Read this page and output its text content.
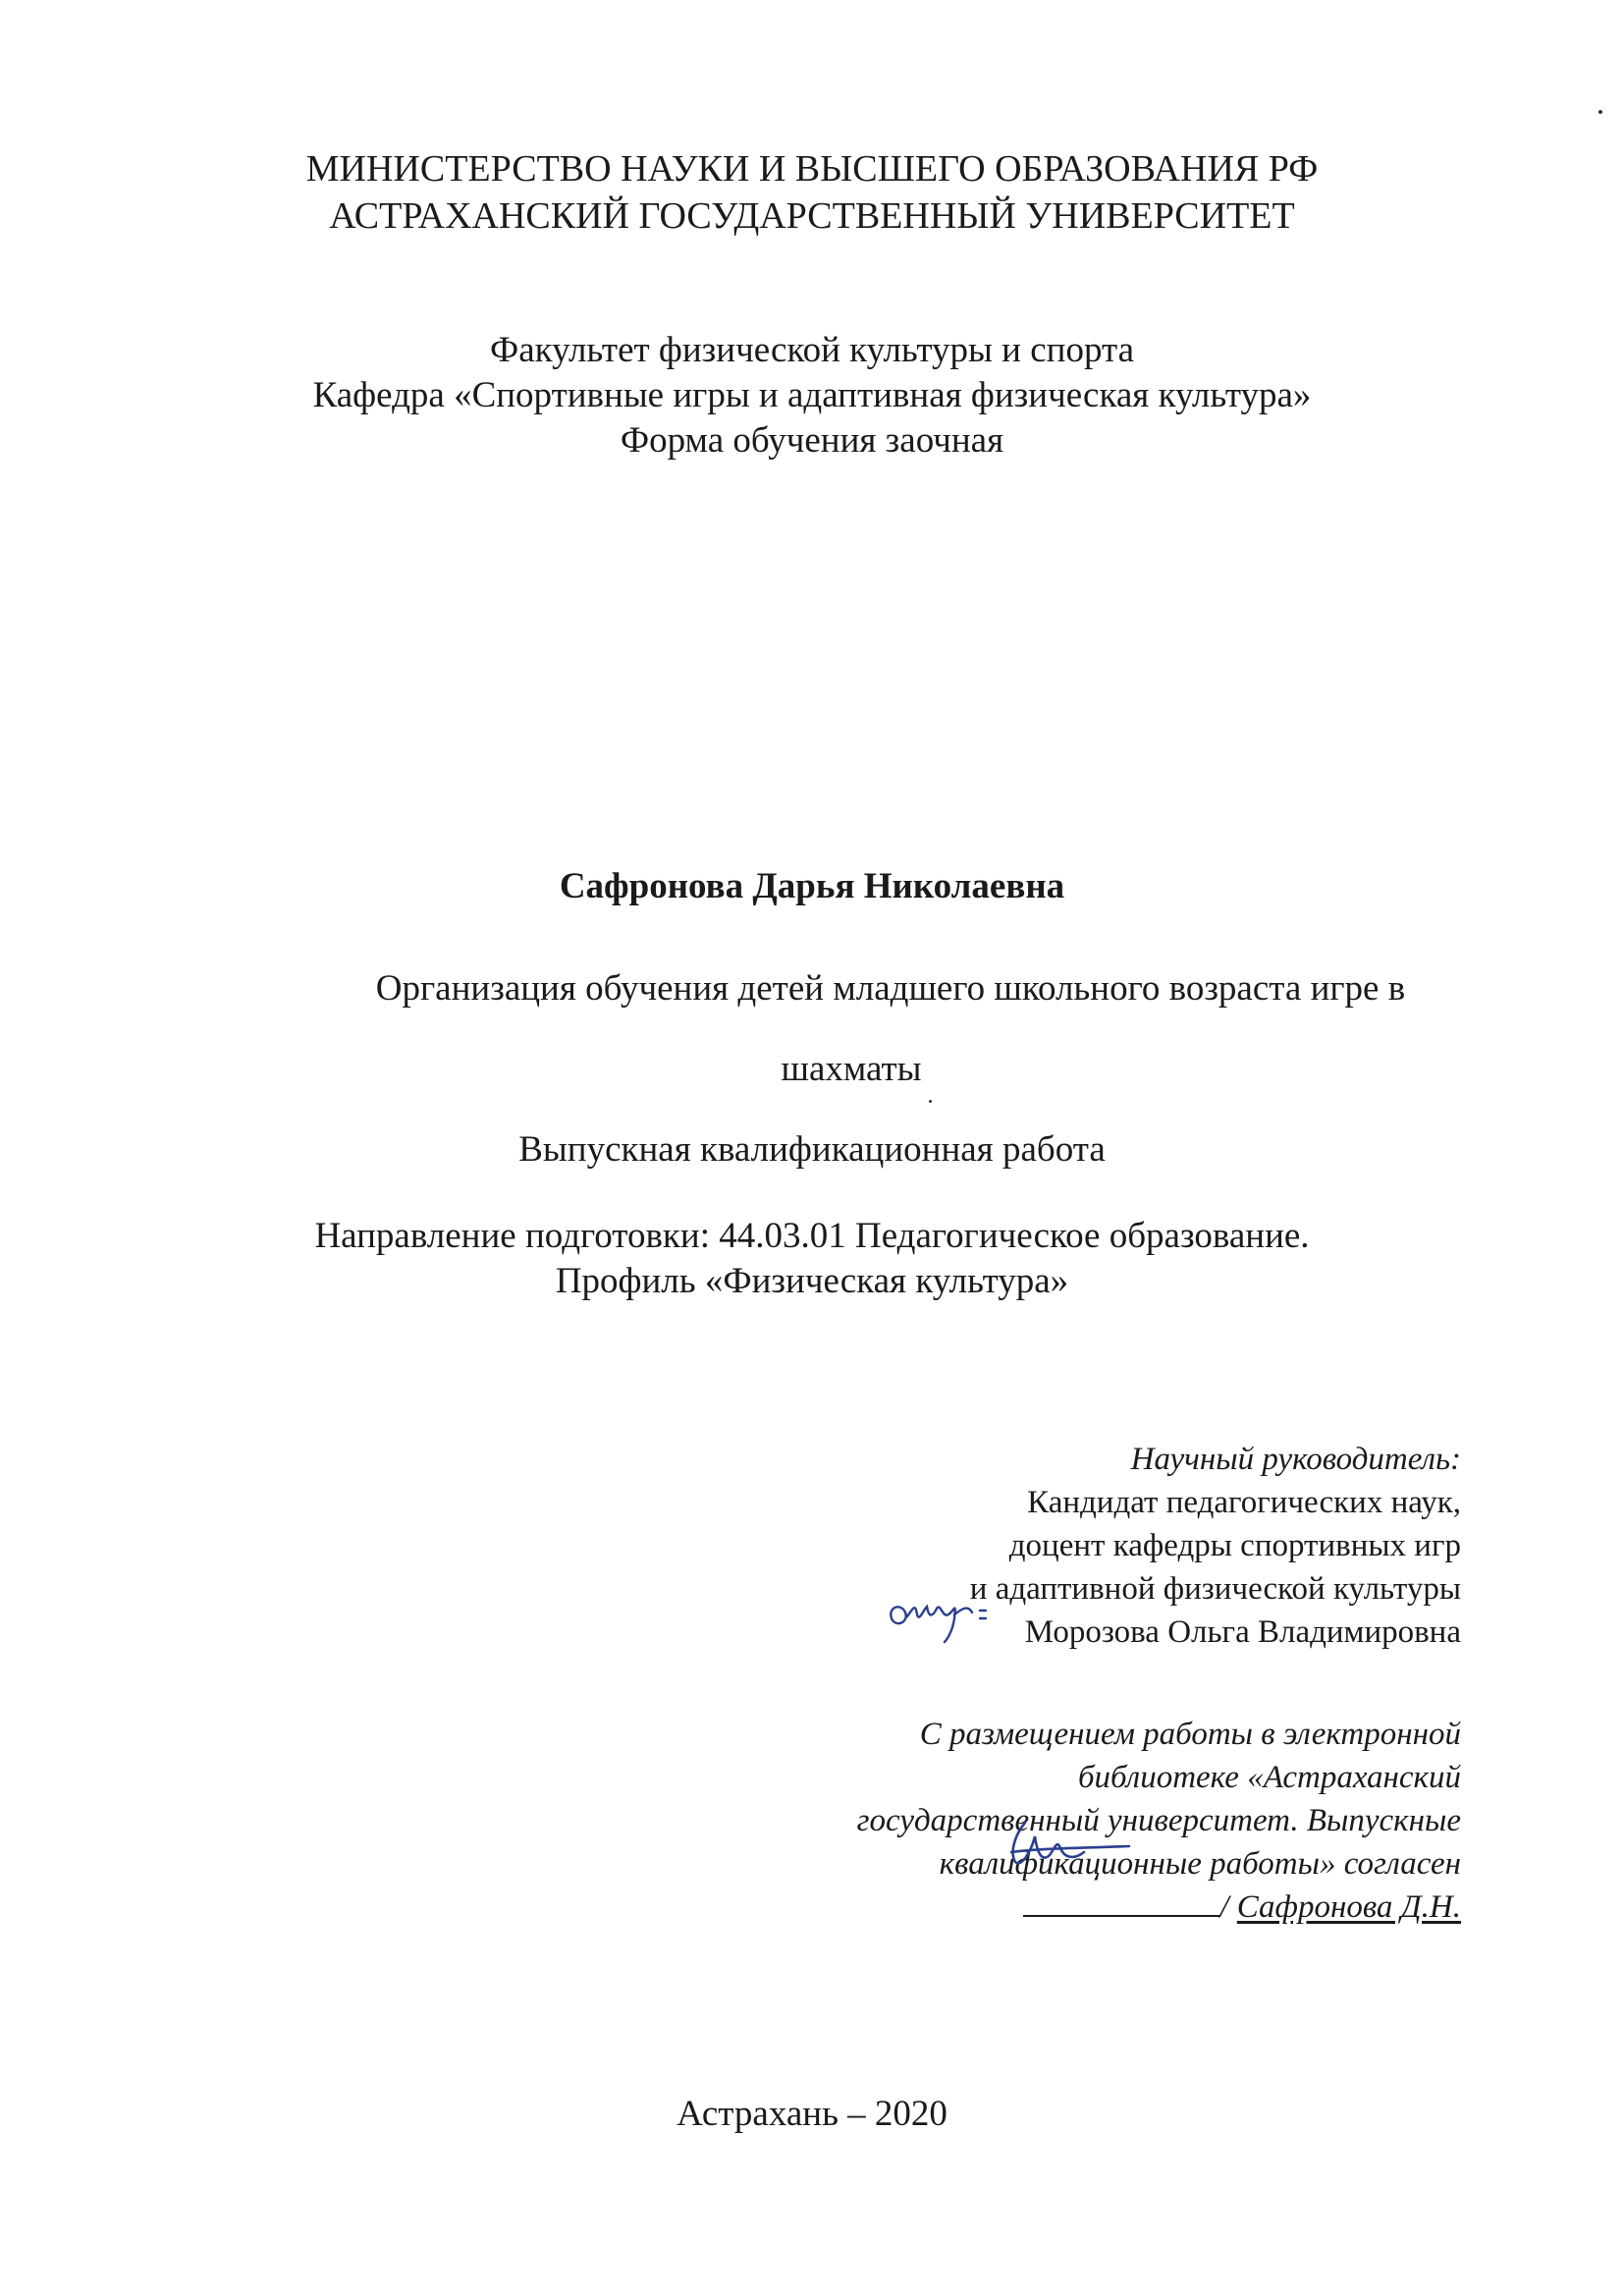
МИНИСТЕРСТВО НАУКИ И ВЫСШЕГО ОБРАЗОВАНИЯ РФ
АСТРАХАНСКИЙ ГОСУДАРСТВЕННЫЙ УНИВЕРСИТЕТ
Факультет физической культуры и спорта
Кафедра «Спортивные игры и адаптивная физическая культура»
Форма обучения заочная
Сафронова Дарья Николаевна
Организация обучения детей младшего школьного возраста игре в
шахматы
Выпускная квалификационная работа
Направление подготовки: 44.03.01 Педагогическое образование.
Профиль «Физическая культура»
Научный руководитель:
Кандидат педагогических наук,
доцент кафедры спортивных игр
и адаптивной физической культуры
Морозова Ольга Владимировна
С размещением работы в электронной
библиотеке «Астраханский
государственный университет. Выпускные
квалификационные работы» согласен
/ Сафронова Д.Н.
Астрахань – 2020
